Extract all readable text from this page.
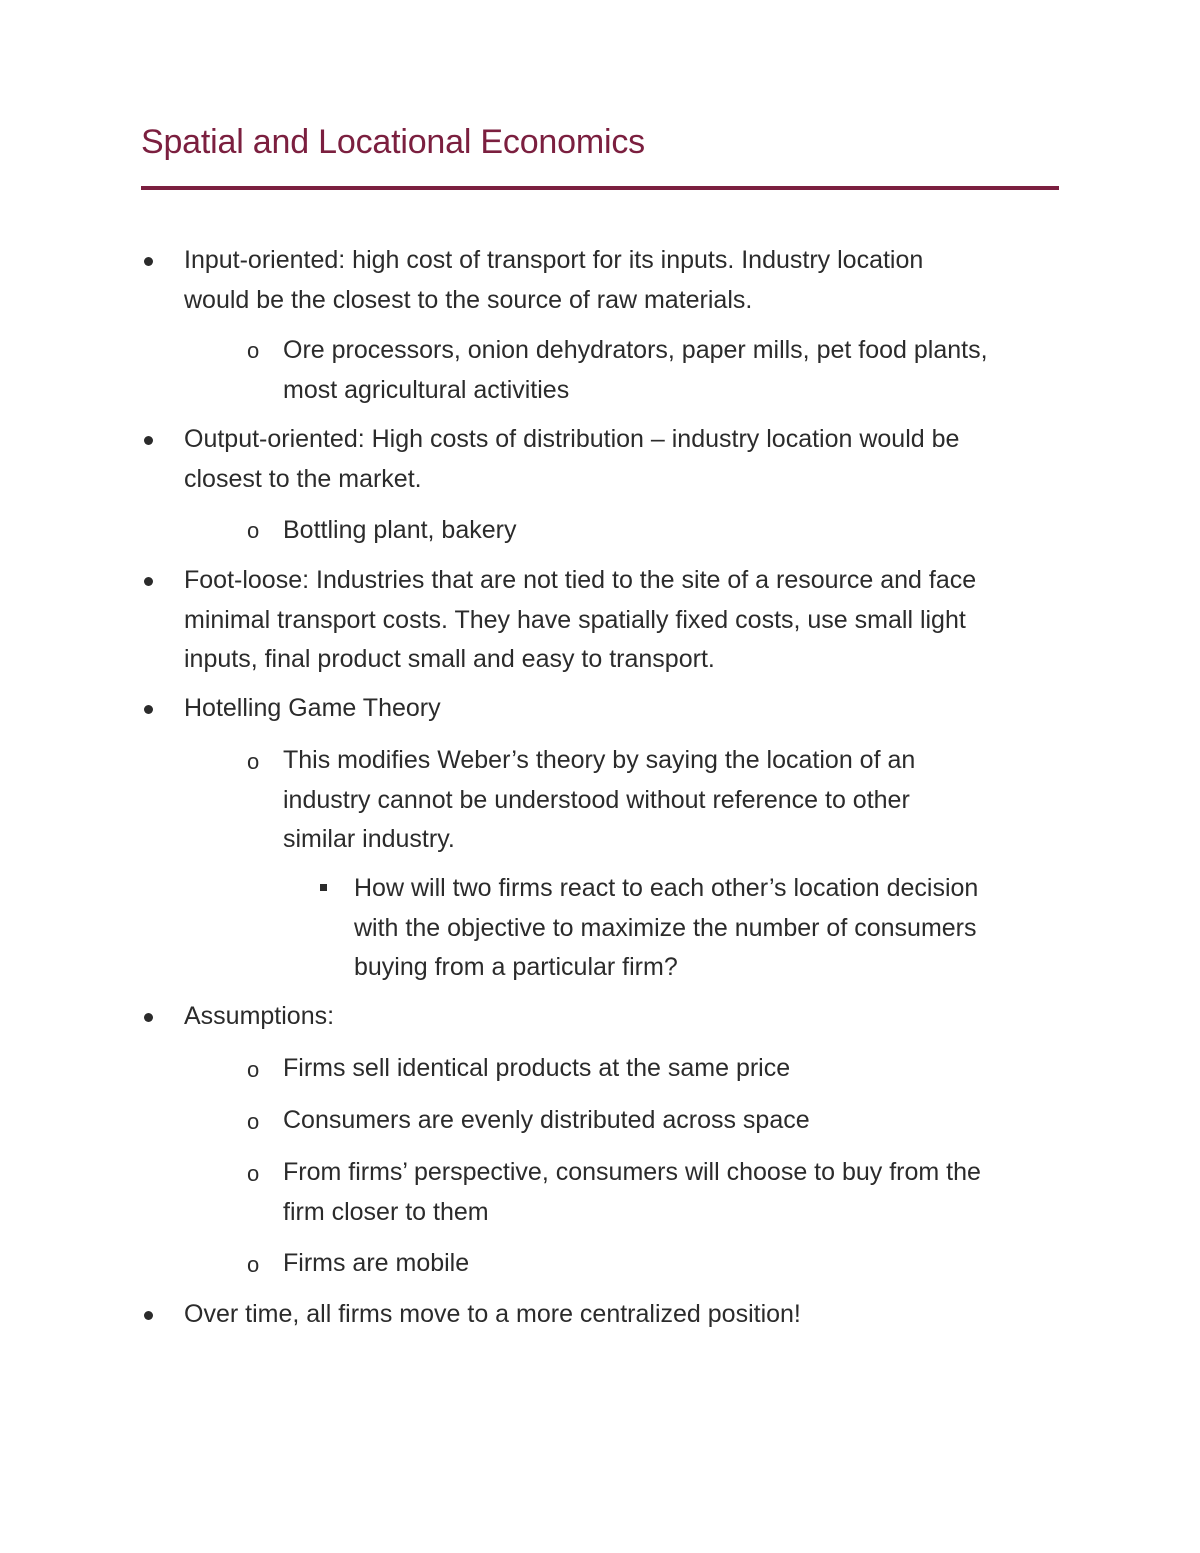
Spatial and Locational Economics
Input-oriented: high cost of transport for its inputs. Industry location
would be the closest to the source of raw materials.
o Ore processors, onion dehydrators, paper mills, pet food plants,
most agricultural activities
Output-oriented: High costs of distribution – industry location would be
closest to the market.
o Bottling plant, bakery
Foot-loose: Industries that are not tied to the site of a resource and face
minimal transport costs. They have spatially fixed costs, use small light
inputs, final product small and easy to transport.
Hotelling Game Theory
o This modifies Weber’s theory by saying the location of an
industry cannot be understood without reference to other
similar industry.
How will two firms react to each other’s location decision
with the objective to maximize the number of consumers
buying from a particular firm?
Assumptions:
o Firms sell identical products at the same price
o Consumers are evenly distributed across space
o From firms’ perspective, consumers will choose to buy from the
firm closer to them
o Firms are mobile
Over time, all firms move to a more centralized position!
